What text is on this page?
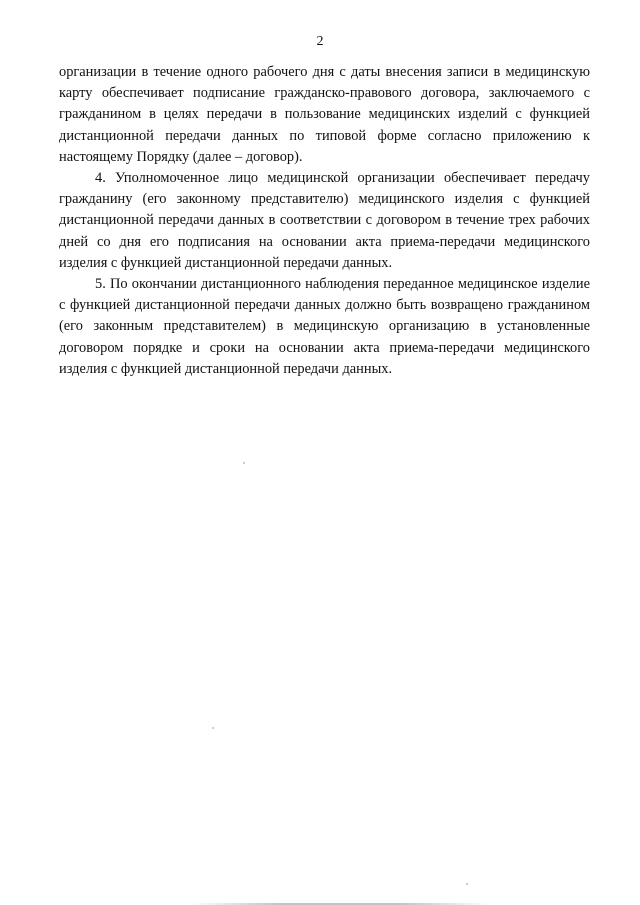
2

организации в течение одного рабочего дня с даты внесения записи в медицинскую карту обеспечивает подписание гражданско-правового договора, заключаемого с гражданином в целях передачи в пользование медицинских изделий с функцией дистанционной передачи данных по типовой форме согласно приложению к настоящему Порядку (далее – договор).

4. Уполномоченное лицо медицинской организации обеспечивает передачу гражданину (его законному представителю) медицинского изделия с функцией дистанционной передачи данных в соответствии с договором в течение трех рабочих дней со дня его подписания на основании акта приема-передачи медицинского изделия с функцией дистанционной передачи данных.

5. По окончании дистанционного наблюдения переданное медицинское изделие с функцией дистанционной передачи данных должно быть возвращено гражданином (его законным представителем) в медицинскую организацию в установленные договором порядке и сроки на основании акта приема-передачи медицинского изделия с функцией дистанционной передачи данных.
